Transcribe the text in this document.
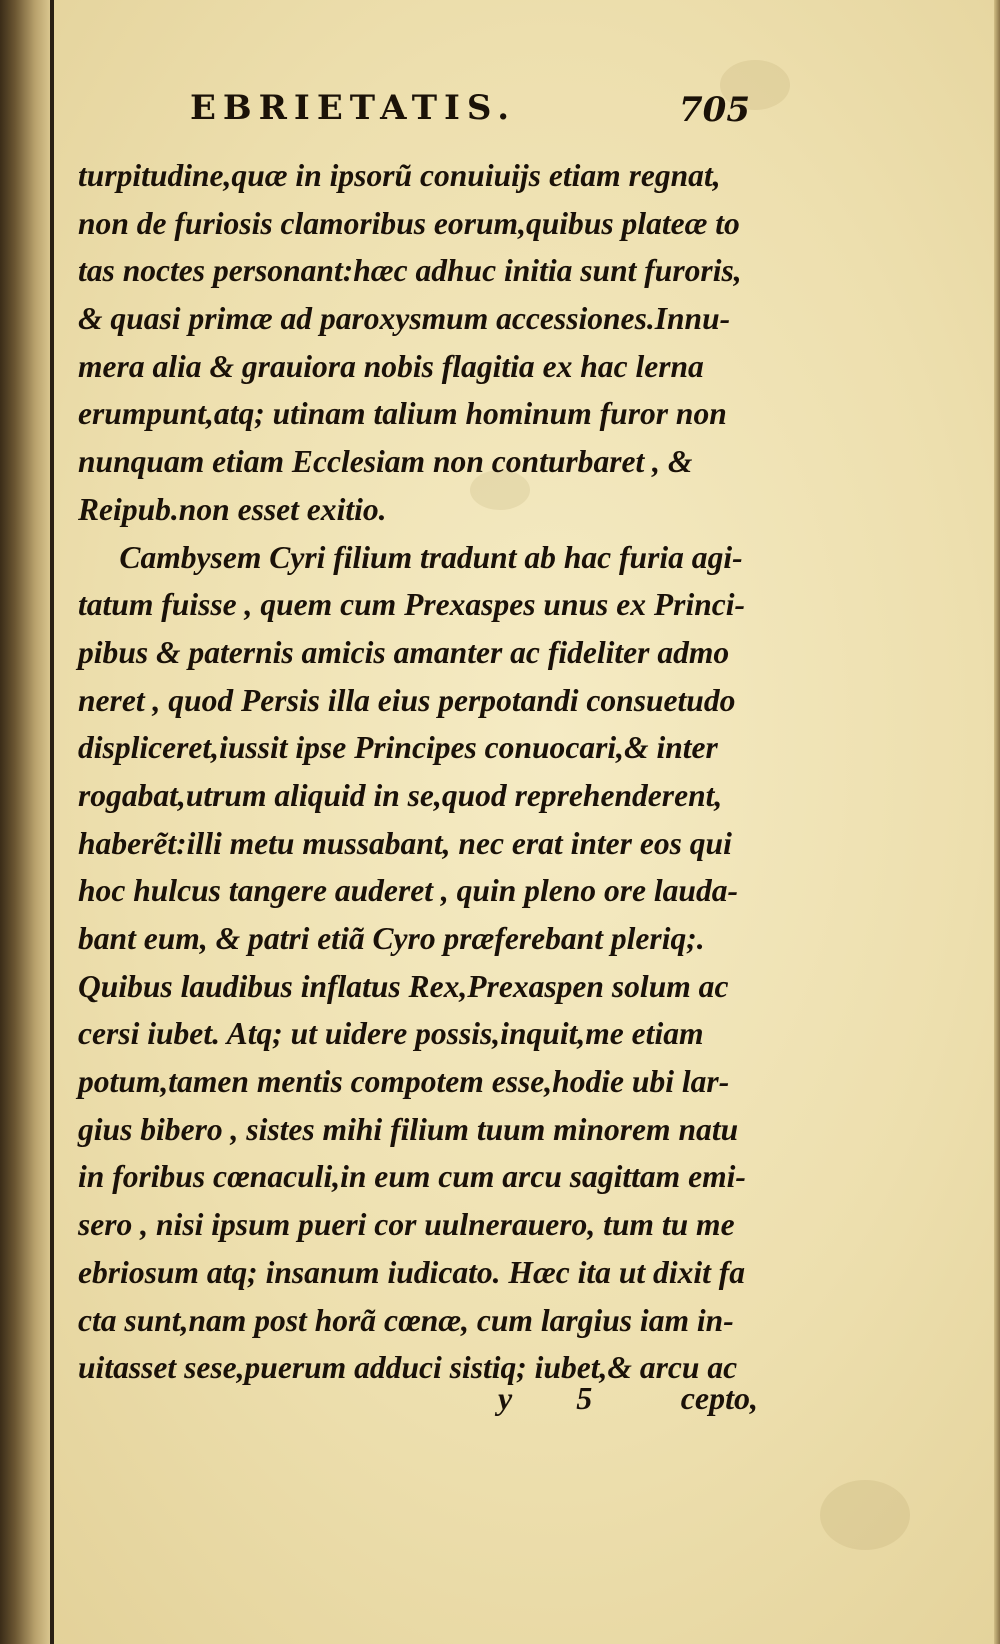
EBRIETATIS.	705
turpitudine,quæ in ipsorũ conuiuijs etiam regnat,
non de furiosis clamoribus eorum,quibus plateæ to
tas noctes personant:hæc adhuc initia sunt furoris,
& quasi primæ ad paroxysmum accessiones.Innu-
mera alia & grauiora nobis flagitia ex hac lerna
erumpunt,atq; utinam talium hominum furor non
nunquam etiam Ecclesiam non conturbaret , &
Reipub.non esset exitio.
Cambysem Cyri filium tradunt ab hac furia agi-
tatum fuisse , quem cum Prexaspes unus ex Princi-
pibus & paternis amicis amanter ac fideliter admo
neret , quod Persis illa eius perpotandi consuetudo
displiceret,iussit ipse Principes conuocari,& inter
rogabat,utrum aliquid in se,quod reprehenderent,
haberẽt:illi metu mussabant, nec erat inter eos qui
hoc hulcus tangere auderet , quin pleno ore lauda-
bant eum, & patri etiã Cyro præferebant pleriq;.
Quibus laudibus inflatus Rex,Prexaspen solum ac
cersi iubet. Atq; ut uidere possis,inquit,me etiam
potum,tamen mentis compotem esse,hodie ubi lar-
gius bibero , sistes mihi filium tuum minorem natu
in foribus cœnaculi,in eum cum arcu sagittam emi-
sero , nisi ipsum pueri cor uulnerauero, tum tu me
ebriosum atq; insanum iudicato. Hæc ita ut dixit fa
cta sunt,nam post horã cœnæ, cum largius iam in-
uitasset sese,puerum adduci sistiq; iubet,& arcu ac
y 5 cepto,
